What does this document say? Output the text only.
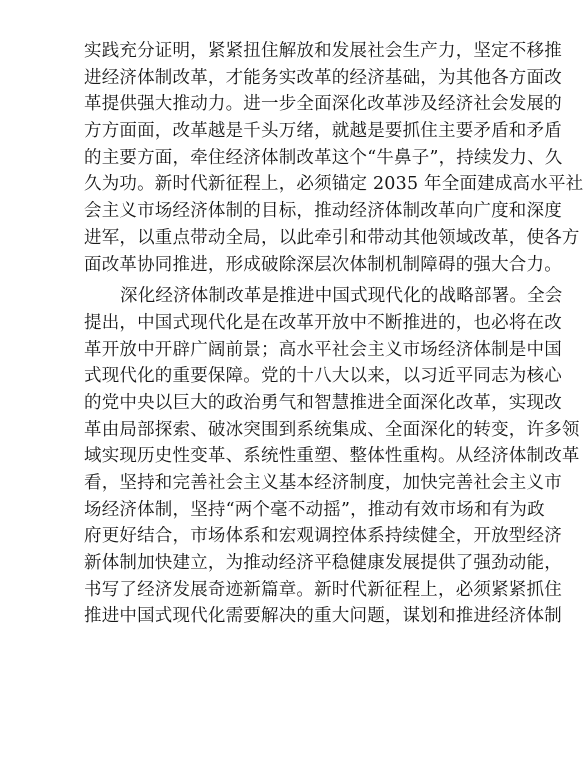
实践充分证明，紧紧扭住解放和发展社会生产力，坚定不移推
进经济体制改革，才能务实改革的经济基础，为其他各方面改
革提供强大推动力。进一步全面深化改革涉及经济社会发展的
方方面面，改革越是千头万绪，就越是要抓住主要矛盾和矛盾
的主要方面，牵住经济体制改革这个“牛鼻子”，持续发力、久
久为功。新时代新征程上，必须锚定 2035 年全面建成高水平社
会主义市场经济体制的目标，推动经济体制改革向广度和深度
进军，以重点带动全局，以此牵引和带动其他领域改革，使各方
面改革协同推进，形成破除深层次体制机制障碍的强大合力。
深化经济体制改革是推进中国式现代化的战略部署。全会
提出，中国式现代化是在改革开放中不断推进的，也必将在改
革开放中开辟广阔前景；高水平社会主义市场经济体制是中国
式现代化的重要保障。党的十八大以来，以习近平同志为核心
的党中央以巨大的政治勇气和智慧推进全面深化改革，实现改
革由局部探索、破冰突围到系统集成、全面深化的转变，许多领
域实现历史性变革、系统性重塑、整体性重构。从经济体制改革
看，坚持和完善社会主义基本经济制度，加快完善社会主义市
场经济体制，坚持“两个毫不动摇”，推动有效市场和有为政
府更好结合，市场体系和宏观调控体系持续健全，开放型经济
新体制加快建立，为推动经济平稳健康发展提供了强劲动能，
书写了经济发展奇迹新篇章。新时代新征程上，必须紧紧抓住
推进中国式现代化需要解决的重大问题，谋划和推进经济体制
